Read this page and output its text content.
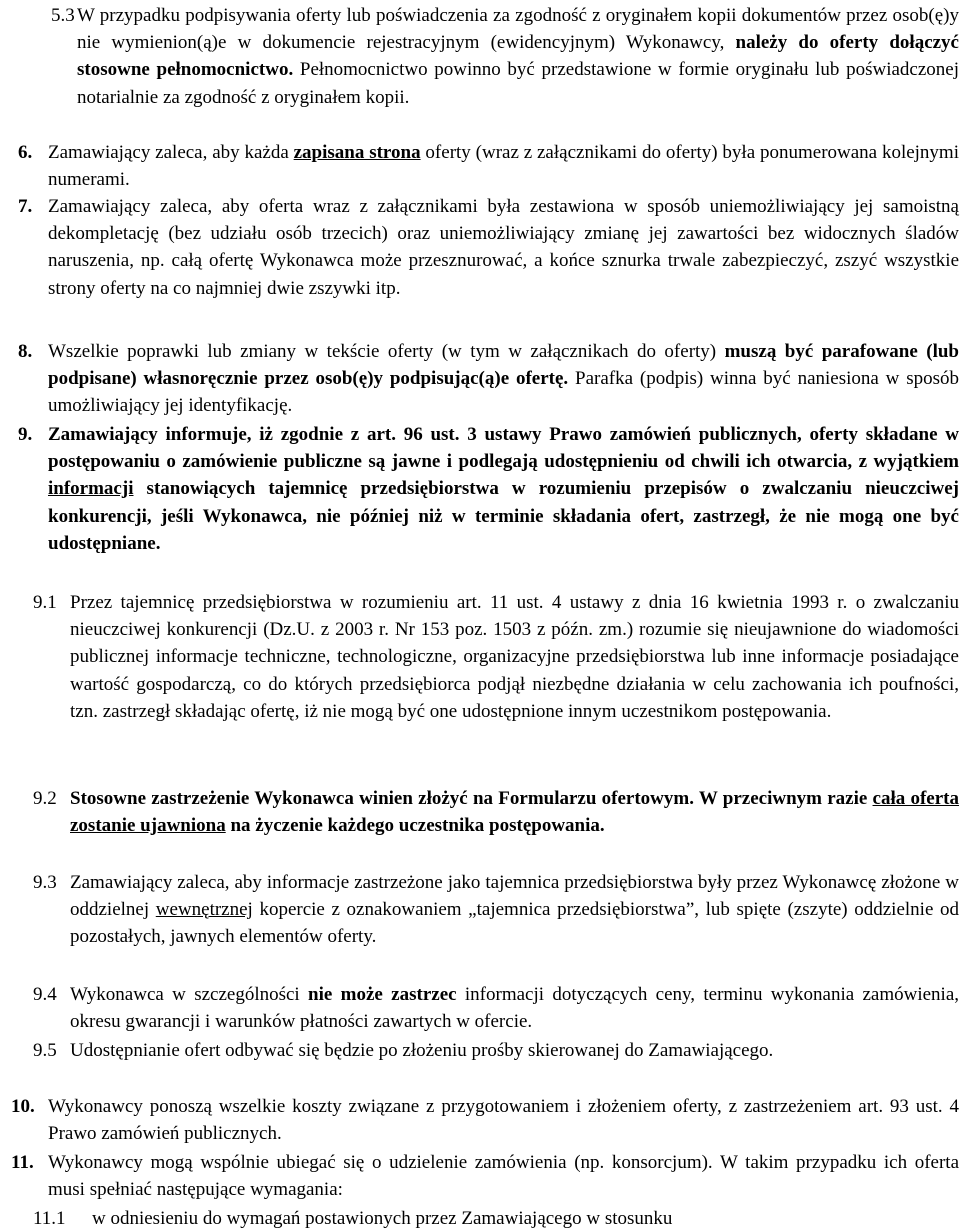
5.3 W przypadku podpisywania oferty lub poświadczenia za zgodność z oryginałem kopii dokumentów przez osob(ę)y nie wymienion(ą)e w dokumencie rejestracyjnym (ewidencyjnym) Wykonawcy, należy do oferty dołączyć stosowne pełnomocnictwo. Pełnomocnictwo powinno być przedstawione w formie oryginału lub poświadczonej notarialnie za zgodność z oryginałem kopii.
6. Zamawiający zaleca, aby każda zapisana strona oferty (wraz z załącznikami do oferty) była ponumerowana kolejnymi numerami.
7. Zamawiający zaleca, aby oferta wraz z załącznikami była zestawiona w sposób uniemożliwiający jej samoistną dekompletację (bez udziału osób trzecich) oraz uniemożliwiający zmianę jej zawartości bez widocznych śladów naruszenia, np. całą ofertę Wykonawca może przesznurować, a końce sznurka trwale zabezpieczyć, zszyć wszystkie strony oferty na co najmniej dwie zszywki itp.
8. Wszelkie poprawki lub zmiany w tekście oferty (w tym w załącznikach do oferty) muszą być parafowane (lub podpisane) własnoręcznie przez osob(ę)y podpisując(ą)e ofertę. Parafka (podpis) winna być naniesiona w sposób umożliwiający jej identyfikację.
9. Zamawiający informuje, iż zgodnie z art. 96 ust. 3 ustawy Prawo zamówień publicznych, oferty składane w postępowaniu o zamówienie publiczne są jawne i podlegają udostępnieniu od chwili ich otwarcia, z wyjątkiem informacji stanowiących tajemnicę przedsiębiorstwa w rozumieniu przepisów o zwalczaniu nieuczciwej konkurencji, jeśli Wykonawca, nie później niż w terminie składania ofert, zastrzegł, że nie mogą one być udostępniane.
9.1 Przez tajemnicę przedsiębiorstwa w rozumieniu art. 11 ust. 4 ustawy z dnia 16 kwietnia 1993 r. o zwalczaniu nieuczciwej konkurencji (Dz.U. z 2003 r. Nr 153 poz. 1503 z późn. zm.) rozumie się nieujawnione do wiadomości publicznej informacje techniczne, technologiczne, organizacyjne przedsiębiorstwa lub inne informacje posiadające wartość gospodarczą, co do których przedsiębiorca podjął niezbędne działania w celu zachowania ich poufności, tzn. zastrzegł składając ofertę, iż nie mogą być one udostępnione innym uczestnikom postępowania.
9.2 Stosowne zastrzeżenie Wykonawca winien złożyć na Formularzu ofertowym. W przeciwnym razie cała oferta zostanie ujawniona na życzenie każdego uczestnika postępowania.
9.3 Zamawiający zaleca, aby informacje zastrzeżone jako tajemnica przedsiębiorstwa były przez Wykonawcę złożone w oddzielnej wewnętrznej kopercie z oznakowaniem „tajemnica przedsiębiorstwa”, lub spięte (zszyte) oddzielnie od pozostałych, jawnych elementów oferty.
9.4 Wykonawca w szczególności nie może zastrzec informacji dotyczących ceny, terminu wykonania zamówienia, okresu gwarancji i warunków płatności zawartych w ofercie.
9.5 Udostępnianie ofert odbywać się będzie po złożeniu prośby skierowanej do Zamawiającego.
10. Wykonawcy ponoszą wszelkie koszty związane z przygotowaniem i złożeniem oferty, z zastrzeżeniem art. 93 ust. 4 Prawo zamówień publicznych.
11. Wykonawcy mogą wspólnie ubiegać się o udzielenie zamówienia (np. konsorcjum). W takim przypadku ich oferta musi spełniać następujące wymagania:
11.1	w odniesieniu do wymagań postawionych przez Zamawiającego w stosunku
